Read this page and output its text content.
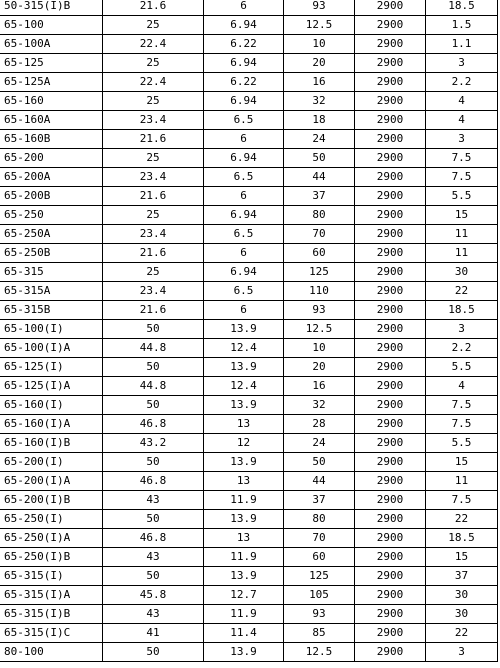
50-315(I)B	21.6	6	93	2900	18.5
65-100	25	6.94	12.5	2900	1.5
65-100A	22.4	6.22	10	2900	1.1
65-125	25	6.94	20	2900	3
65-125A	22.4	6.22	16	2900	2.2
65-160	25	6.94	32	2900	4
65-160A	23.4	6.5	18	2900	4
65-160B	21.6	6	24	2900	3
65-200	25	6.94	50	2900	7.5
65-200A	23.4	6.5	44	2900	7.5
65-200B	21.6	6	37	2900	5.5
65-250	25	6.94	80	2900	15
65-250A	23.4	6.5	70	2900	11
65-250B	21.6	6	60	2900	11
65-315	25	6.94	125	2900	30
65-315A	23.4	6.5	110	2900	22
65-315B	21.6	6	93	2900	18.5
65-100(I)	50	13.9	12.5	2900	3
65-100(I)A	44.8	12.4	10	2900	2.2
65-125(I)	50	13.9	20	2900	5.5
65-125(I)A	44.8	12.4	16	2900	4
65-160(I)	50	13.9	32	2900	7.5
65-160(I)A	46.8	13	28	2900	7.5
65-160(I)B	43.2	12	24	2900	5.5
65-200(I)	50	13.9	50	2900	15
65-200(I)A	46.8	13	44	2900	11
65-200(I)B	43	11.9	37	2900	7.5
65-250(I)	50	13.9	80	2900	22
65-250(I)A	46.8	13	70	2900	18.5
65-250(I)B	43	11.9	60	2900	15
65-315(I)	50	13.9	125	2900	37
65-315(I)A	45.8	12.7	105	2900	30
65-315(I)B	43	11.9	93	2900	30
65-315(I)C	41	11.4	85	2900	22
80-100	50	13.9	12.5	2900	3
